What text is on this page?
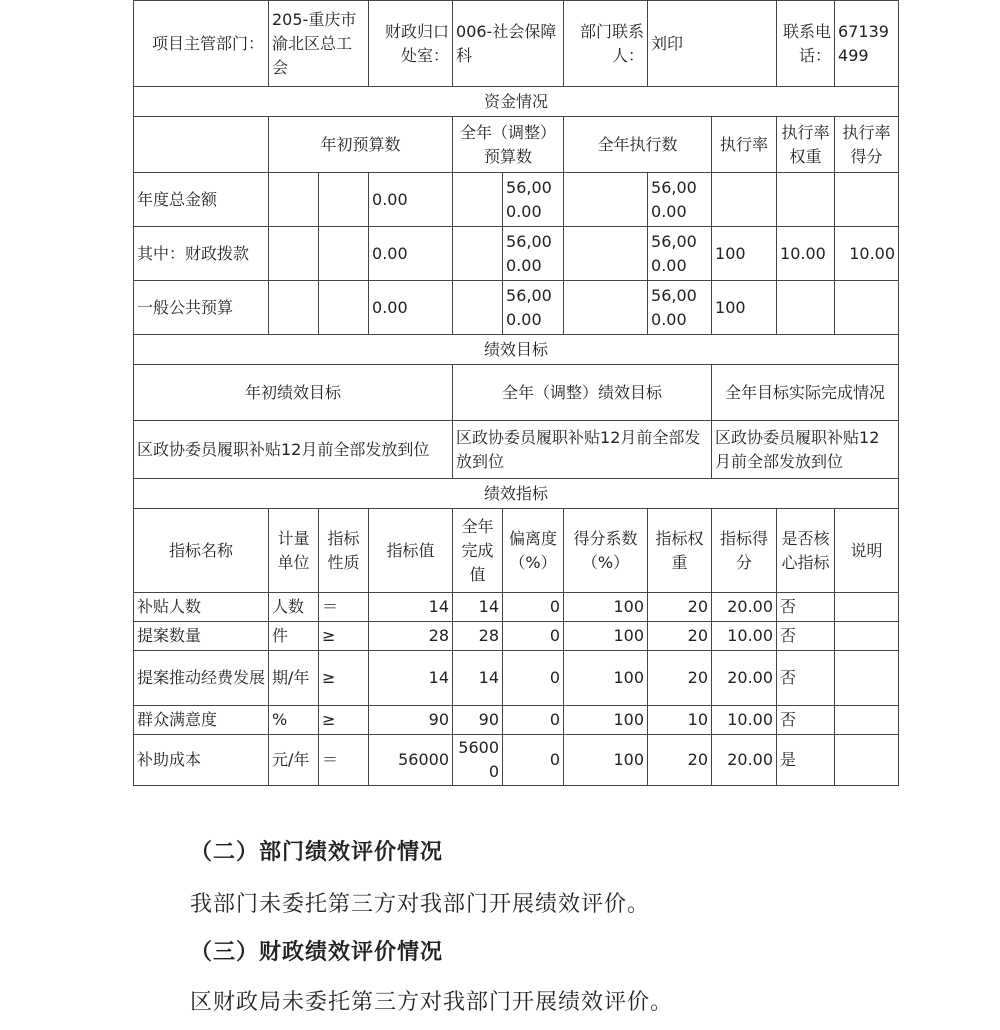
项目主管部门：	205-重庆市渝北区总工会		财政归口处室：	006-社会保障科		部门联系人：	刘印		联系电话：	67139499
资金情况										
	年初预算数			全年（调整）预算数		全年执行数		执行率	执行率权重	执行率得分
年度总金额			0.00		56,000.00		56,000.00			
其中：财政拨款			0.00		56,000.00		56,000.00	100	10.00	10.00
一般公共预算			0.00		56,000.00		56,000.00	100		
绩效目标										
年初绩效目标				全年（调整）绩效目标				全年目标实际完成情况		
区政协委员履职补贴12月前全部发放到位				区政协委员履职补贴12月前全部发放到位				区政协委员履职补贴12月前全部发放到位		
绩效指标										
指标名称	计量单位	指标性质	指标值	全年完成值	偏离度（%）	得分系数（%）	指标权重	指标得分	是否核心指标	说明
补贴人数	人数	＝	14	14	0	100	20	20.00	否	
提案数量	件	≥	28	28	0	100	20	10.00	否	
提案推动经费发展	期/年	≥	14	14	0	100	20	20.00	否	
群众满意度	%	≥	90	90	0	100	10	10.00	否	
补助成本	元/年	＝	56000	56000	0	100	20	20.00	是	
（二）部门绩效评价情况
我部门未委托第三方对我部门开展绩效评价。
（三）财政绩效评价情况
区财政局未委托第三方对我部门开展绩效评价。
